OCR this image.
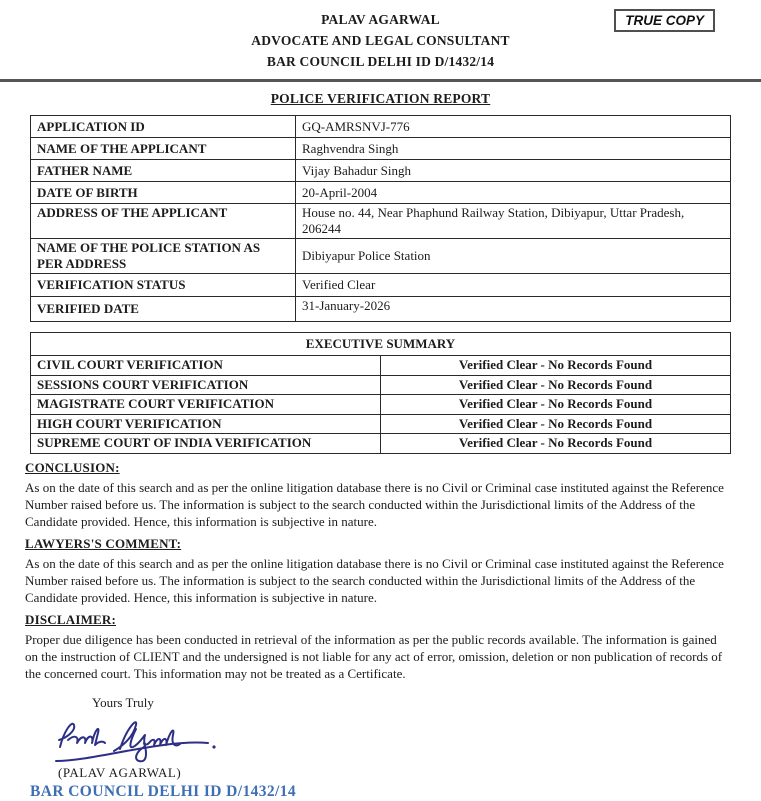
PALAV AGARWAL
ADVOCATE AND LEGAL CONSULTANT
BAR COUNCIL DELHI ID D/1432/14
TRUE COPY
POLICE VERIFICATION REPORT
APPLICATION ID	GQ-AMRSNVJ-776
NAME OF THE APPLICANT	Raghvendra Singh
FATHER NAME	Vijay Bahadur Singh
DATE OF BIRTH	20-April-2004
ADDRESS OF THE APPLICANT	House no. 44, Near Phaphund Railway Station, Dibiyapur, Uttar Pradesh, 206244
NAME OF THE POLICE STATION AS PER ADDRESS	Dibiyapur Police Station
VERIFICATION STATUS	Verified Clear
VERIFIED DATE	31-January-2026
EXECUTIVE SUMMARY	
CIVIL COURT VERIFICATION	Verified Clear - No Records Found
SESSIONS COURT VERIFICATION	Verified Clear - No Records Found
MAGISTRATE COURT VERIFICATION	Verified Clear - No Records Found
HIGH COURT VERIFICATION	Verified Clear - No Records Found
SUPREME COURT OF INDIA VERIFICATION	Verified Clear - No Records Found
CONCLUSION:
As on the date of this search and as per the online litigation database there is no Civil or Criminal case instituted against the Reference Number raised before us. The information is subject to the search conducted within the Jurisdictional limits of the Address of the Candidate provided. Hence, this information is subjective in nature.
LAWYERS'S COMMENT:
As on the date of this search and as per the online litigation database there is no Civil or Criminal case instituted against the Reference Number raised before us. The information is subject to the search conducted within the Jurisdictional limits of the Address of the Candidate provided. Hence, this information is subjective in nature.
DISCLAIMER:
Proper due diligence has been conducted in retrieval of the information as per the public records available. The information is gained on the instruction of CLIENT and the undersigned is not liable for any act of error, omission, deletion or non publication of records of the concerned court. This information may not be treated as a Certificate.
Yours Truly
(PALAV AGARWAL)
BAR COUNCIL DELHI ID D/1432/14
